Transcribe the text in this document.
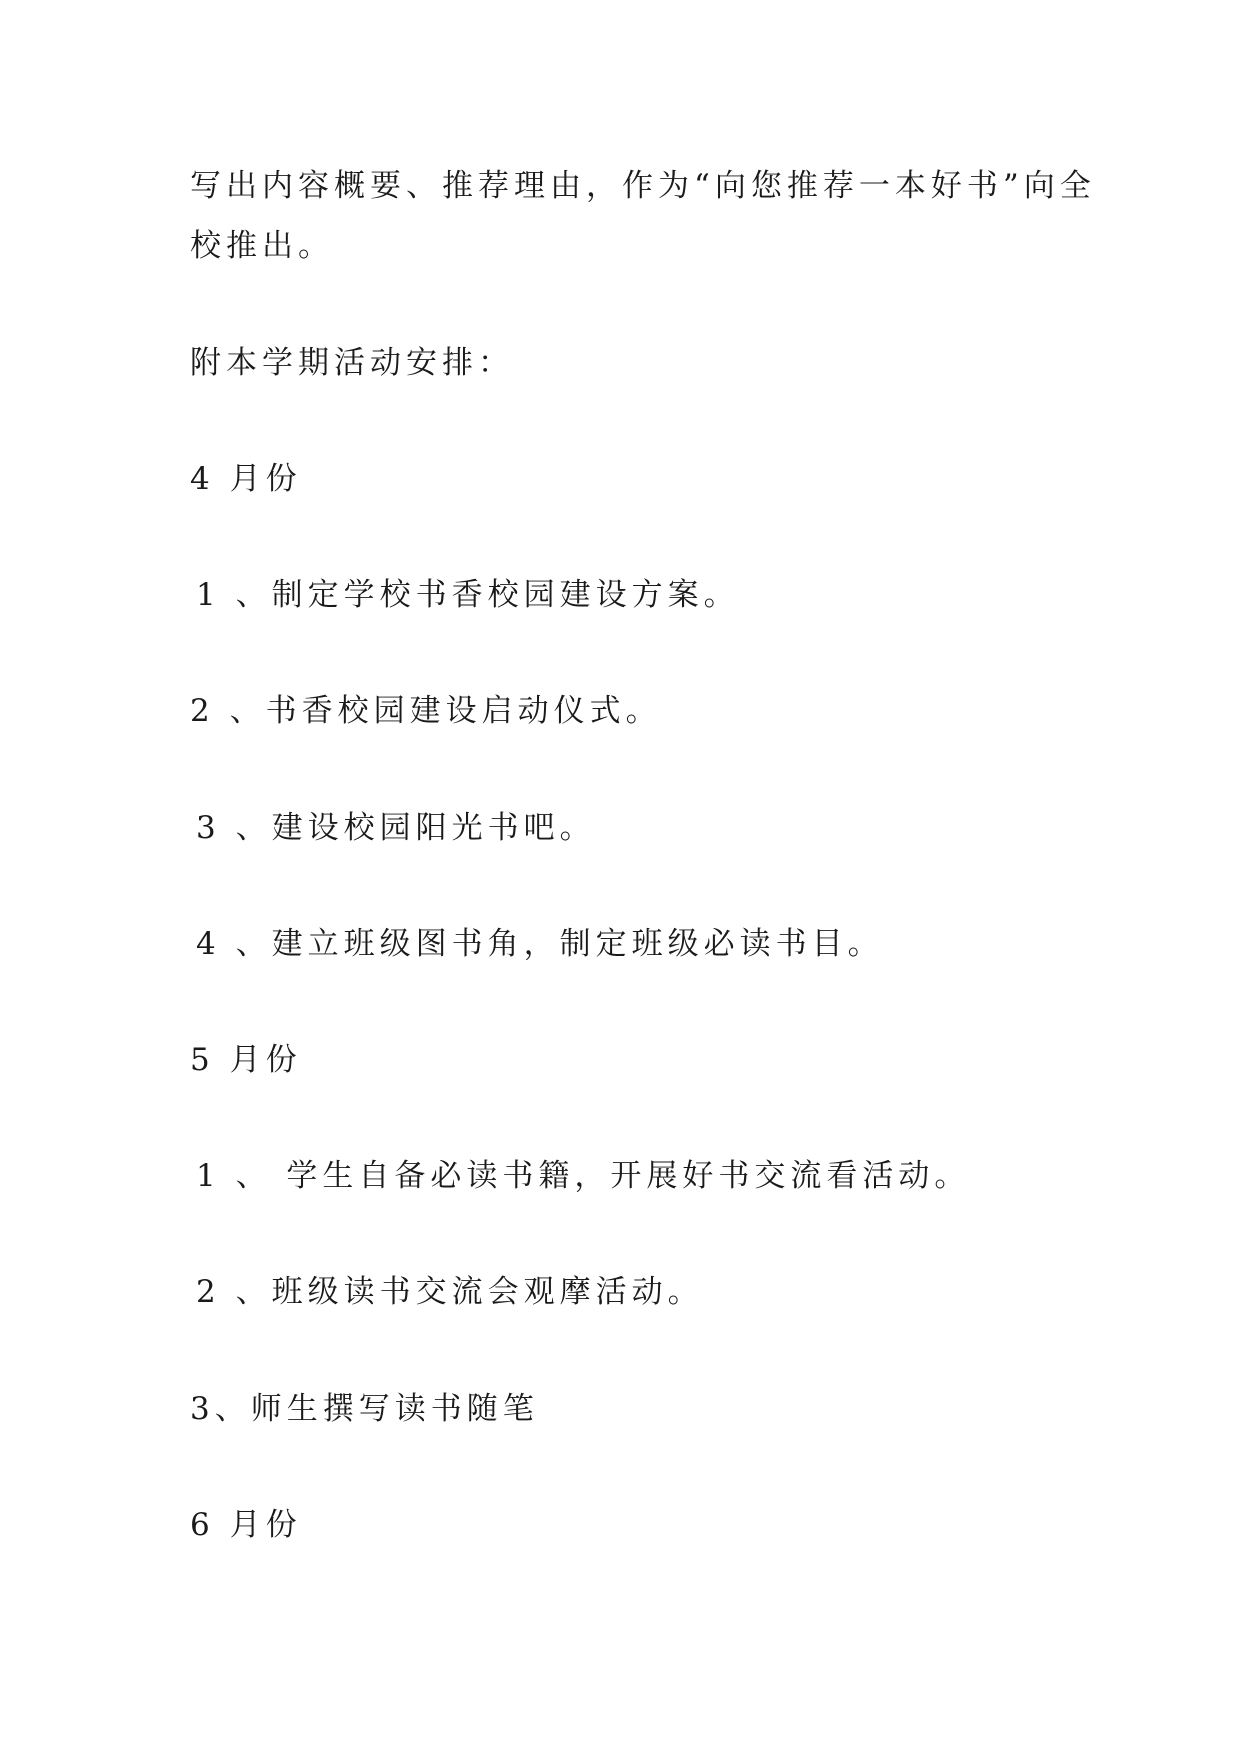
写出内容概要、推荐理由，作为“向您推荐一本好书”向全
校推出。
附本学期活动安排：
4 月份
1 、制定学校书香校园建设方案。
2 、书香校园建设启动仪式。
3 、建设校园阳光书吧。
4 、建立班级图书角，制定班级必读书目。
5 月份
1 、 学生自备必读书籍，开展好书交流看活动。
2 、班级读书交流会观摩活动。
3、师生撰写读书随笔
6 月份
